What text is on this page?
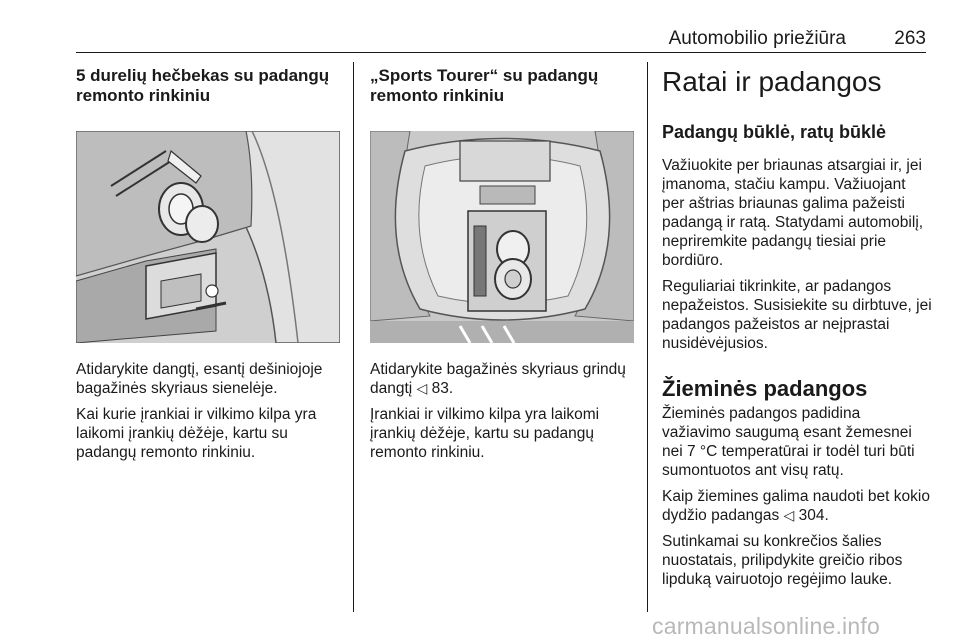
Automobilio priežiūra	263
5 durelių hečbekas su padangų remonto rinkiniu

Atidarykite dangtį, esantį dešiniojoje bagažinės skyriaus sienelėje.

Kai kurie įrankiai ir vilkimo kilpa yra laikomi įrankių dėžėje, kartu su padangų remonto rinkiniu.

„Sports Tourer“ su padangų remonto rinkiniu

Atidarykite bagažinės skyriaus grindų dangtį ◁ 83.

Įrankiai ir vilkimo kilpa yra laikomi įrankių dėžėje, kartu su padangų remonto rinkiniu.

Ratai ir padangos
Padangų būklė, ratų būklė

Važiuokite per briaunas atsargiai ir, jei įmanoma, stačiu kampu. Važiuojant per aštrias briaunas galima pažeisti padangą ir ratą. Statydami automobilį, nepriremkite padangų tiesiai prie bordiūro.

Reguliariai tikrinkite, ar padangos nepažeistos. Susisiekite su dirbtuve, jei padangos pažeistos ar neįprastai nusidėvėjusios.

Žieminės padangos

Žieminės padangos padidina važiavimo saugumą esant žemesnei nei 7 °C temperatūrai ir todėl turi būti sumontuotos ant visų ratų.

Kaip žiemines galima naudoti bet kokio dydžio padangas ◁ 304.

Sutinkamai su konkrečios šalies nuostatais, prilipdykite greičio ribos lipduką vairuotojo regėjimo lauke.

carmanualsonline.info
